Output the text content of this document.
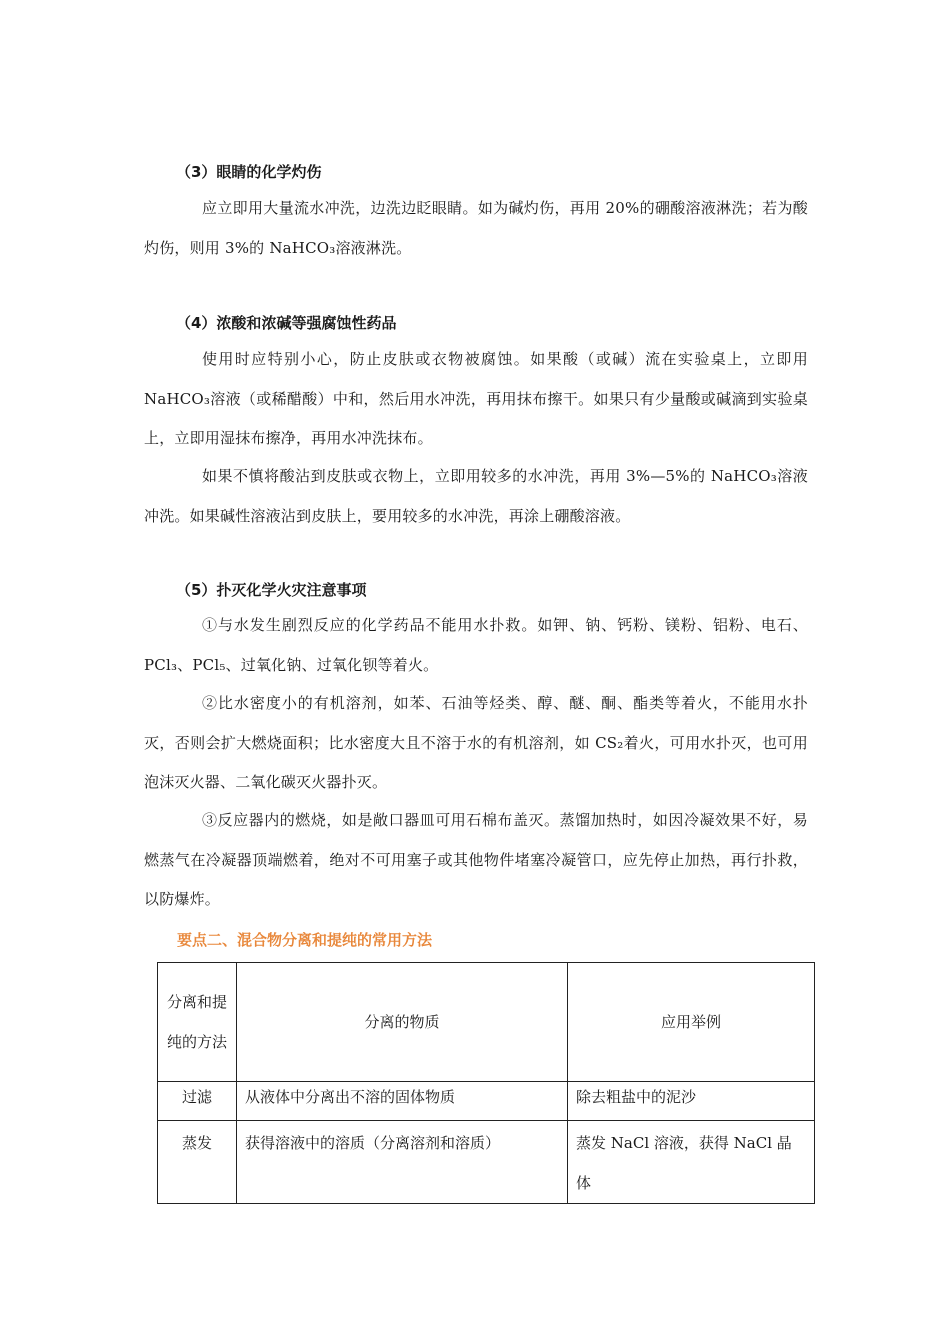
（3）眼睛的化学灼伤

应立即用大量流水冲洗，边洗边眨眼睛。如为碱灼伤，再用 20%的硼酸溶液淋洗；若为酸灼伤，则用 3%的 NaHCO₃溶液淋洗。

（4）浓酸和浓碱等强腐蚀性药品

使用时应特别小心，防止皮肤或衣物被腐蚀。如果酸（或碱）流在实验桌上，立即用 NaHCO₃溶液（或稀醋酸）中和，然后用水冲洗，再用抹布擦干。如果只有少量酸或碱滴到实验桌上，立即用湿抹布擦净，再用水冲洗抹布。

如果不慎将酸沾到皮肤或衣物上，立即用较多的水冲洗，再用 3%—5%的 NaHCO₃溶液冲洗。如果碱性溶液沾到皮肤上，要用较多的水冲洗，再涂上硼酸溶液。

（5）扑灭化学火灾注意事项

①与水发生剧烈反应的化学药品不能用水扑救。如钾、钠、钙粉、镁粉、铝粉、电石、PCl₃、PCl₅、过氧化钠、过氧化钡等着火。

②比水密度小的有机溶剂，如苯、石油等烃类、醇、醚、酮、酯类等着火，不能用水扑灭，否则会扩大燃烧面积；比水密度大且不溶于水的有机溶剂，如 CS₂着火，可用水扑灭，也可用泡沫灭火器、二氧化碳灭火器扑灭。

③反应器内的燃烧，如是敞口器皿可用石棉布盖灭。蒸馏加热时，如因冷凝效果不好，易燃蒸气在冷凝器顶端燃着，绝对不可用塞子或其他物件堵塞冷凝管口，应先停止加热，再行扑救，以防爆炸。

要点二、混合物分离和提纯的常用方法

分离和提纯的方法	分离的物质	应用举例
过滤	从液体中分离出不溶的固体物质	除去粗盐中的泥沙
蒸发	获得溶液中的溶质（分离溶剂和溶质）	蒸发 NaCl 溶液，获得 NaCl 晶体
